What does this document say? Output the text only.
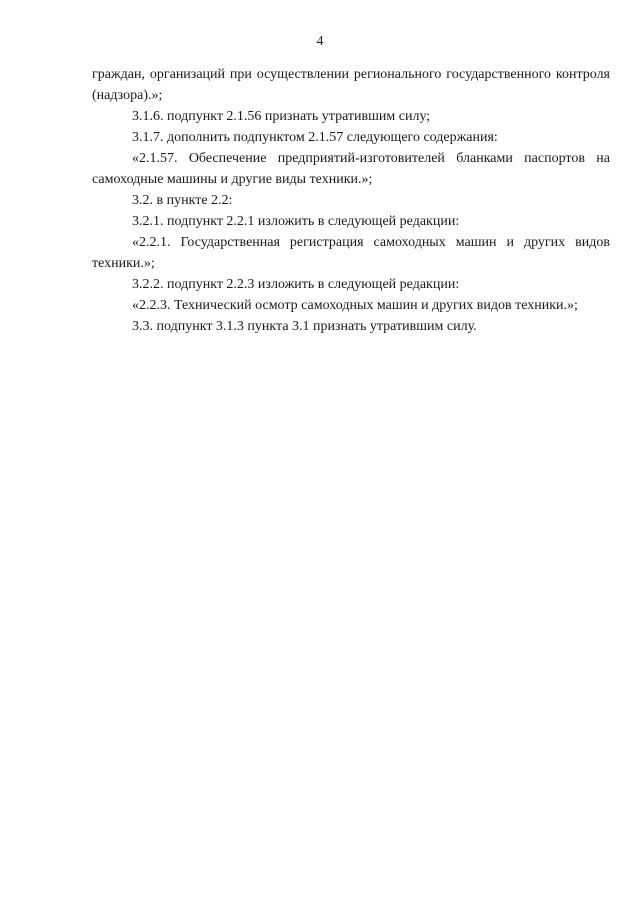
4

граждан, организаций при осуществлении регионального государственного контроля (надзора).»;

3.1.6. подпункт 2.1.56 признать утратившим силу;

3.1.7. дополнить подпунктом 2.1.57 следующего содержания:

«2.1.57. Обеспечение предприятий-изготовителей бланками паспортов на самоходные машины и другие виды техники.»;

3.2. в пункте 2.2:

3.2.1. подпункт 2.2.1 изложить в следующей редакции:

«2.2.1. Государственная регистрация самоходных машин и других видов техники.»;

3.2.2. подпункт 2.2.3 изложить в следующей редакции:

«2.2.3. Технический осмотр самоходных машин и других видов техники.»;

3.3. подпункт 3.1.3 пункта 3.1 признать утратившим силу.
